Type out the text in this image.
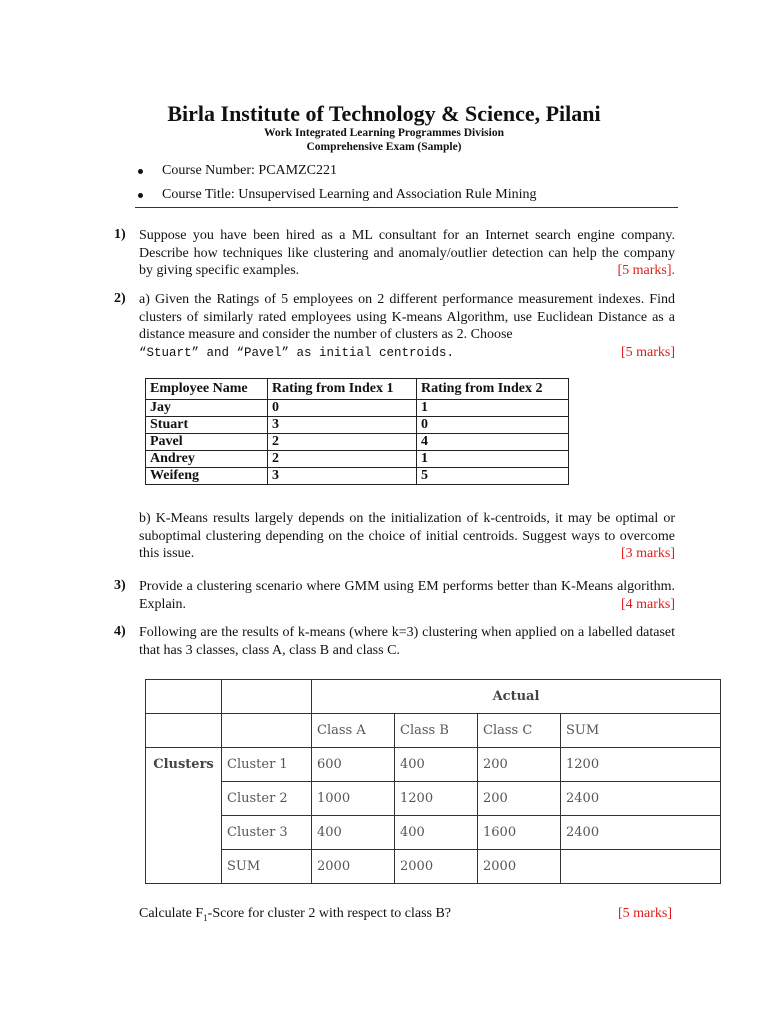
Birla Institute of Technology & Science, Pilani
Work Integrated Learning Programmes Division
Comprehensive Exam (Sample)
Course Number: PCAMZC221
Course Title: Unsupervised Learning and Association Rule Mining
1) Suppose you have been hired as a ML consultant for an Internet search engine company. Describe how techniques like clustering and anomaly/outlier detection can help the company by giving specific examples.	[5 marks].
2) a) Given the Ratings of 5 employees on 2 different performance measurement indexes. Find clusters of similarly rated employees using K-means Algorithm, use Euclidean Distance as a distance measure and consider the number of clusters as 2. Choose
“Stuart” and “Pavel” as initial centroids.	[5 marks]
Employee Name	Rating from Index 1	Rating from Index 2
Jay	0	1
Stuart	3	0
Pavel	2	4
Andrey	2	1
Weifeng	3	5
b) K-Means results largely depends on the initialization of k-centroids, it may be optimal or suboptimal clustering depending on the choice of initial centroids. Suggest ways to overcome this issue.	[3 marks]
3) Provide a clustering scenario where GMM using EM performs better than K-Means algorithm. Explain.	[4 marks]
4) Following are the results of k-means (where k=3) clustering when applied on a labelled dataset that has 3 classes, class A, class B and class C.
		Actual			
		Class A	Class B	Class C	SUM
Clusters	Cluster 1	600	400	200	1200
	Cluster 2	1000	1200	200	2400
	Cluster 3	400	400	1600	2400
	SUM	2000	2000	2000	
Calculate $F_1$-Score for cluster 2 with respect to class B?	[5 marks]
